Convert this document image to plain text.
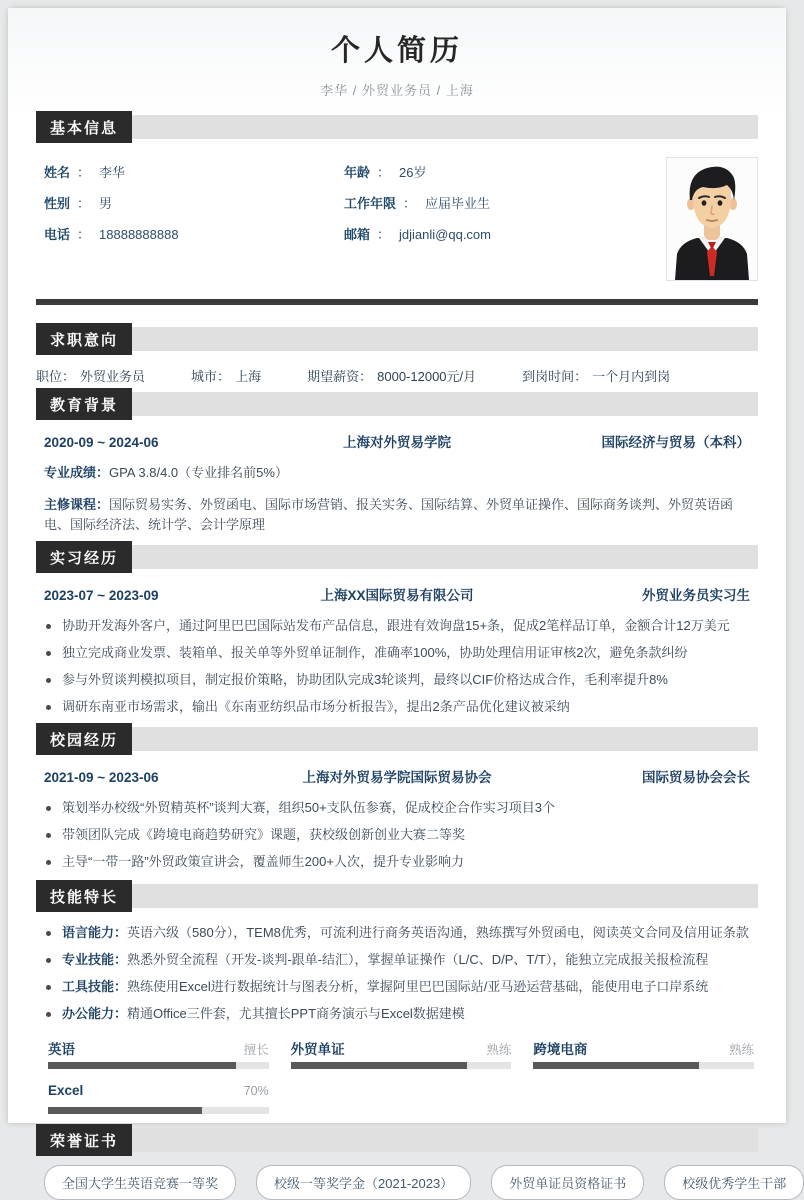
个人简历
李华 / 外贸业务员 / 上海
基本信息
姓名 ： 李华	年龄 ： 26岁
性别 ： 男	工作年限 ： 应届毕业生
电话 ： 18888888888	邮箱 ： jdjianli@qq.com
求职意向
职位： 外贸业务员	城市： 上海	期望薪资： 8000-12000元/月	到岗时间： 一个月内到岗
教育背景
2020-09 ~ 2024-06	上海对外贸易学院	国际经济与贸易（本科）
专业成绩：GPA 3.8/4.0（专业排名前5%）
主修课程：国际贸易实务、外贸函电、国际市场营销、报关实务、国际结算、外贸单证操作、国际商务谈判、外贸英语函电、国际经济法、统计学、会计学原理
实习经历
2023-07 ~ 2023-09	上海XX国际贸易有限公司	外贸业务员实习生
协助开发海外客户，通过阿里巴巴国际站发布产品信息，跟进有效询盘15+条，促成2笔样品订单，金额合计12万美元
独立完成商业发票、装箱单、报关单等外贸单证制作，准确率100%，协助处理信用证审核2次，避免条款纠纷
参与外贸谈判模拟项目，制定报价策略，协助团队完成3轮谈判，最终以CIF价格达成合作，毛利率提升8%
调研东南亚市场需求，输出《东南亚纺织品市场分析报告》，提出2条产品优化建议被采纳
校园经历
2021-09 ~ 2023-06	上海对外贸易学院国际贸易协会	国际贸易协会会长
策划举办校级“外贸精英杯”谈判大赛，组织50+支队伍参赛，促成校企合作实习项目3个
带领团队完成《跨境电商趋势研究》课题，获校级创新创业大赛二等奖
主导“一带一路”外贸政策宣讲会，覆盖师生200+人次，提升专业影响力
技能特长
语言能力：英语六级（580分），TEM8优秀，可流利进行商务英语沟通，熟练撰写外贸函电，阅读英文合同及信用证条款
专业技能：熟悉外贸全流程（开发-谈判-跟单-结汇），掌握单证操作（L/C、D/P、T/T），能独立完成报关报检流程
工具技能：熟练使用Excel进行数据统计与图表分析，掌握阿里巴巴国际站/亚马逊运营基础，能使用电子口岸系统
办公能力：精通Office三件套，尤其擅长PPT商务演示与Excel数据建模
英语	擅长 外贸单证	熟练 跨境电商	熟练
Excel	70%
荣誉证书
全国大学生英语竞赛一等奖	校级一等奖学金（2021-2023）	外贸单证员资格证书	校级优秀学生干部
